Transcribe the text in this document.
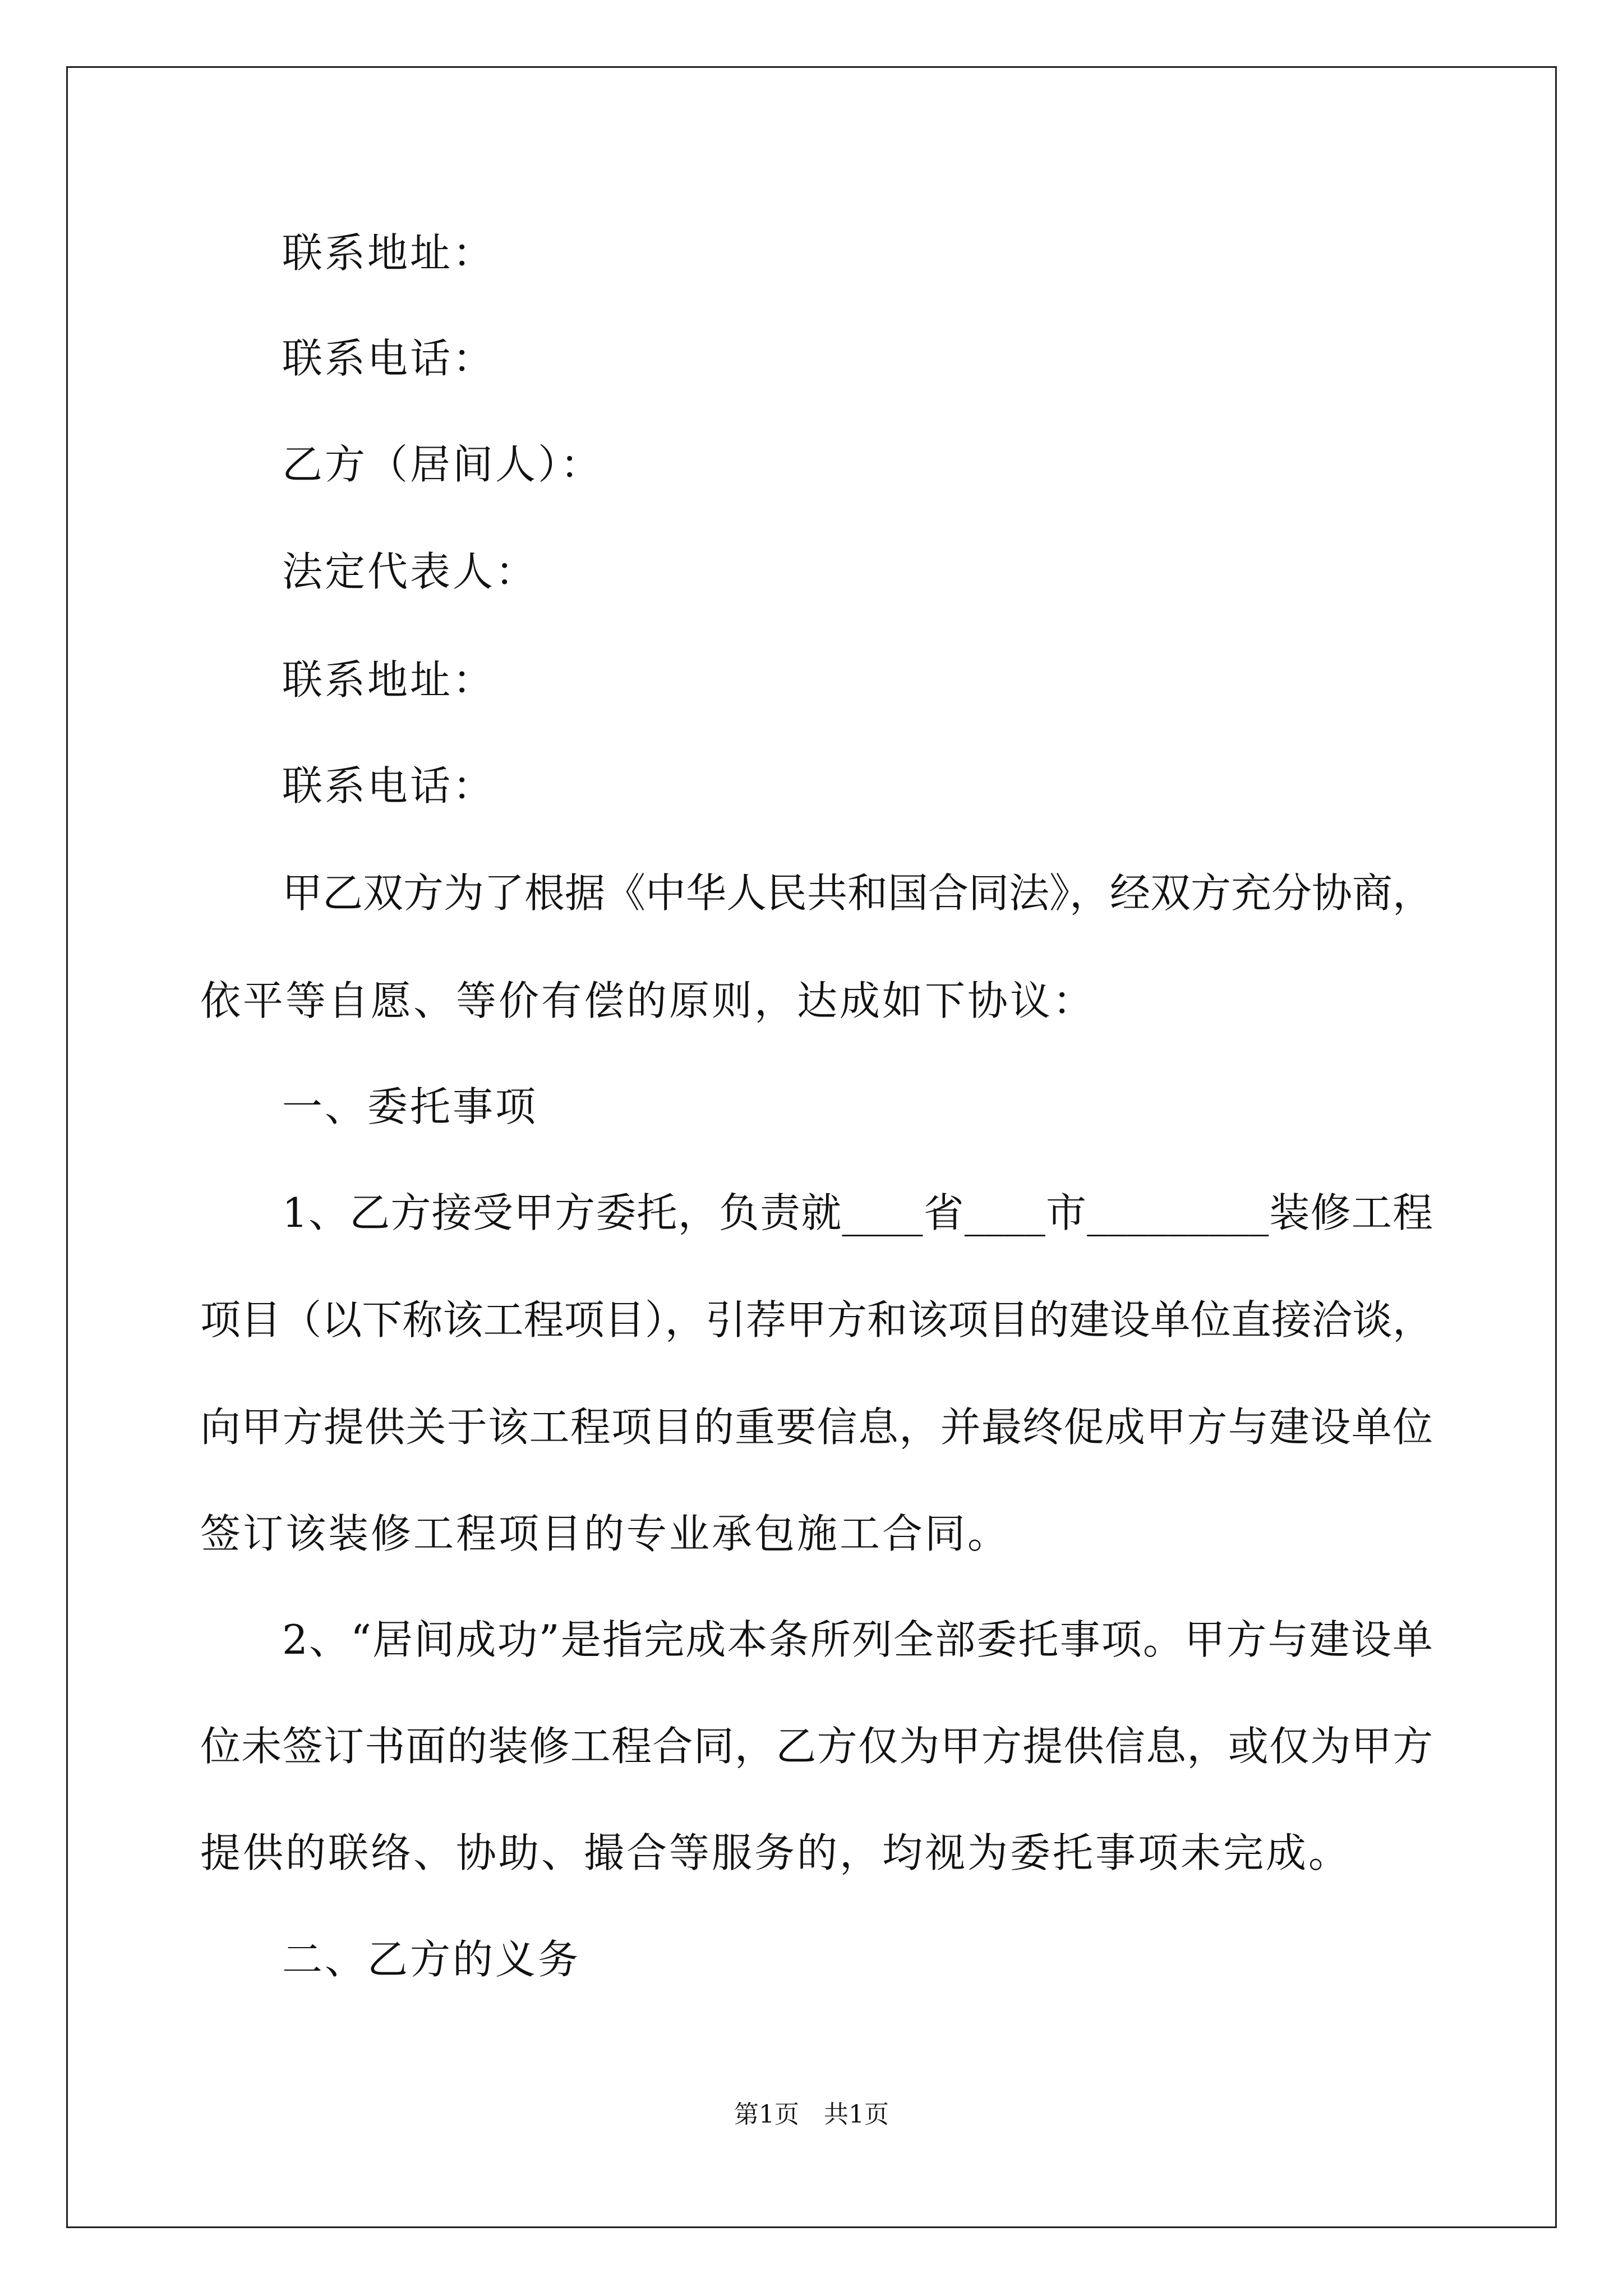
联系地址：
联系电话：
乙方（居间人）：
法定代表人：
联系地址：
联系电话：
甲乙双方为了根据《中华人民共和国合同法》，经双方充分协商，
依平等自愿、等价有偿的原则，达成如下协议：
一、委托事项
1、乙方接受甲方委托，负责就____省____市_________装修工程
项目（以下称该工程项目），引荐甲方和该项目的建设单位直接洽谈，
向甲方提供关于该工程项目的重要信息，并最终促成甲方与建设单位
签订该装修工程项目的专业承包施工合同。
2、“居间成功”是指完成本条所列全部委托事项。甲方与建设单
位未签订书面的装修工程合同，乙方仅为甲方提供信息，或仅为甲方
提供的联络、协助、撮合等服务的，均视为委托事项未完成。
二、乙方的义务
第1页　共1页
